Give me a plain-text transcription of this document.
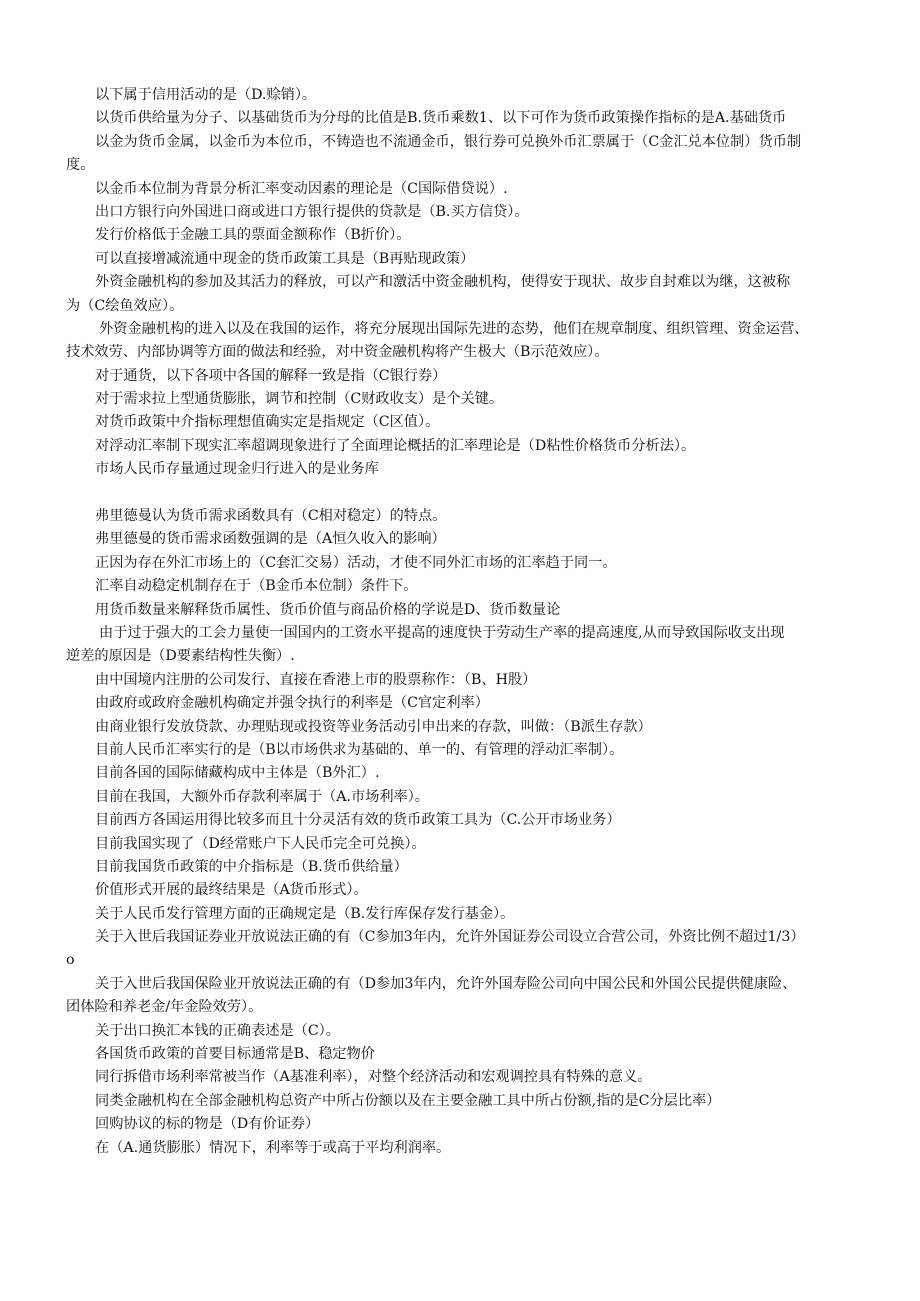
以下属于信用活动的是（D.赊销）。
以货币供给量为分子、以基础货币为分母的比值是B.货币乘数1、以下可作为货币政策操作指标的是A.基础货币
以金为货币金属，以金币为本位币，不铸造也不流通金币，银行券可兑换外币汇票属于（C金汇兑本位制）货币制
度。
以金币本位制为背景分析汇率变动因素的理论是（C国际借贷说）.
出口方银行向外国进口商或进口方银行提供的贷款是（B.买方信贷）。
发行价格低于金融工具的票面金额称作（B折价）。
可以直接增减流通中现金的货币政策工具是（B再贴现政策）
外资金融机构的参加及其活力的释放，可以产和激活中资金融机构，使得安于现状、故步自封难以为继，这被称
为（C绘鱼效应）。
外资金融机构的进入以及在我国的运作，将充分展现出国际先进的态势，他们在规章制度、组织管理、资金运营、
技术效劳、内部协调等方面的做法和经验，对中资金融机构将产生极大（B示范效应）。
对于通货，以下各项中各国的解释一致是指（C银行券）
对于需求拉上型通货膨胀，调节和控制（C财政收支）是个关键。
对货币政策中介指标理想值确实定是指规定（C区值）。
对浮动汇率制下现实汇率超调现象进行了全面理论概括的汇率理论是（D粘性价格货币分析法）。
市场人民币存量通过现金归行进入的是业务库
弗里德曼认为货币需求函数具有（C相对稳定）的特点。
弗里德曼的货币需求函数强调的是（A恒久收入的影响）
正因为存在外汇市场上的（C套汇交易）活动，才使不同外汇市场的汇率趋于同一。
汇率自动稳定机制存在于（B金币本位制）条件下。
用货币数量来解释货币属性、货币价值与商品价格的学说是D、货币数量论
由于过于强大的工会力量使一国国内的工资水平提高的速度快于劳动生产率的提高速度,从而导致国际收支出现
逆差的原因是（D要素结构性失衡）.
由中国境内注册的公司发行、直接在香港上市的股票称作：（B、H股）
由政府或政府金融机构确定并强令执行的利率是（C官定利率）
由商业银行发放贷款、办理贴现或投资等业务活动引申出来的存款，叫做：（B派生存款）
目前人民币汇率实行的是（B以市场供求为基础的、单一的、有管理的浮动汇率制）。
目前各国的国际储藏构成中主体是（B外汇）.
目前在我国，大额外币存款利率属于（A.市场利率）。
目前西方各国运用得比较多而且十分灵活有效的货币政策工具为（C.公开市场业务）
目前我国实现了（D经常账户下人民币完全可兑换）。
目前我国货币政策的中介指标是（B.货币供给量）
价值形式开展的最终结果是（A货币形式）。
关于人民币发行管理方面的正确规定是（B.发行库保存发行基金）。
关于入世后我国证券业开放说法正确的有（C参加3年内，允许外国证券公司设立合营公司，外资比例不超过1/3）
o
关于入世后我国保险业开放说法正确的有（D参加3年内，允许外国寿险公司向中国公民和外国公民提供健康险、
团体险和养老金/年金险效劳）。
关于出口换汇本钱的正确表述是（C）。
各国货币政策的首要目标通常是B、稳定物价
同行拆借市场利率常被当作（A基准利率），对整个经济活动和宏观调控具有特殊的意义。
同类金融机构在全部金融机构总资产中所占份额以及在主要金融工具中所占份额,指的是C分层比率）
回购协议的标的物是（D有价证券）
在（A.通货膨胀）情况下，利率等于或高于平均利润率。
